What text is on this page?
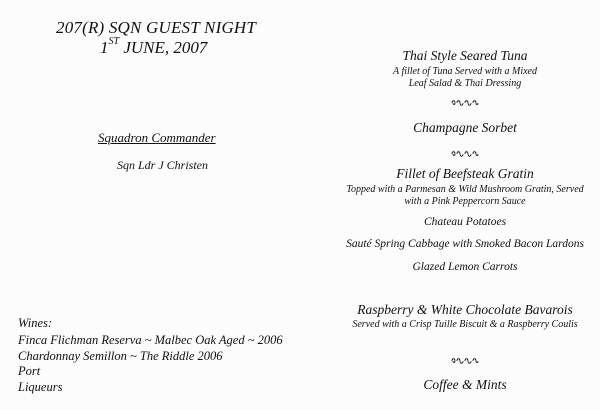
207(R) SQN GUEST NIGHT
1ST JUNE, 2007
Squadron Commander
Sqn Ldr J Christen
Wines:
Finca Flichman Reserva ~ Malbec Oak Aged ~ 2006
Chardonnay Semillon ~ The Riddle 2006
Port
Liqueurs
Thai Style Seared Tuna
A fillet of Tuna Served with a Mixed
Leaf Salad & Thai Dressing
Champagne Sorbet
Fillet of Beefsteak Gratin
Topped with a Parmesan & Wild Mushroom Gratin, Served
with a Pink Peppercorn Sauce
Chateau Potatoes
Sauté Spring Cabbage with Smoked Bacon Lardons
Glazed Lemon Carrots
Raspberry & White Chocolate Bavarois
Served with a Crisp Tuille Biscuit & a Raspberry Coulis
Coffee & Mints
